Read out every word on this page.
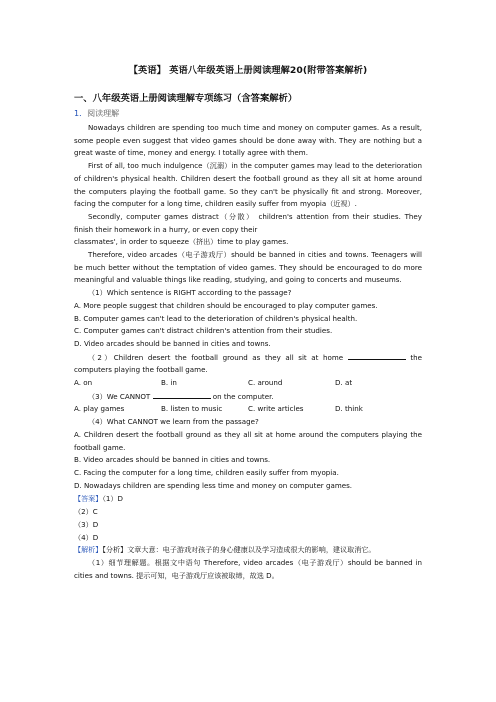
【英语】 英语八年级英语上册阅读理解20(附带答案解析)
一、八年级英语上册阅读理解专项练习（含答案解析）
1．阅读理解

Nowadays children are spending too much time and money on computer games. As a result, some people even suggest that video games should be done away with. They are nothing but a great waste of time, money and energy. I totally agree with them.

First of all, too much indulgence（沉溺）in the computer games may lead to the deterioration of children's physical health. Children desert the football ground as they all sit at home around the computers playing the football game. So they can't be physically fit and strong. Moreover, facing the computer for a long time, children easily suffer from myopia（近视）.

Secondly, computer games distract（分散） children's attention from their studies. They finish their homework in a hurry, or even copy their

classmates', in order to squeeze（挤出）time to play games.

Therefore, video arcades（电子游戏厅）should be banned in cities and towns. Teenagers will be much better without the temptation of video games. They should be encouraged to do more meaningful and valuable things like reading, studying, and going to concerts and museums.

（1）Which sentence is RIGHT according to the passage?

A. More people suggest that children should be encouraged to play computer games.
B. Computer games can't lead to the deterioration of children's physical health.
C. Computer games can't distract children's attention from their studies.
D. Video arcades should be banned in cities and towns.

（2）Children desert the football ground as they all sit at home	the computers playing the football game.

A. on	B. in	C. around	D. at

（3）We CANNOT	on the computer.

A. play games	B. listen to music	C. write articles	D. think

（4）What CANNOT we learn from the passage?

A. Children desert the football ground as they all sit at home around the computers playing the football game.

B. Video arcades should be banned in cities and towns.
C. Facing the computer for a long time, children easily suffer from myopia.
D. Nowadays children are spending less time and money on computer games.
【答案】（1）D
（2）C
（3）D
（4）D

【解析】【分析】文章大意：电子游戏对孩子的身心健康以及学习造成很大的影响，建议取消它。

（1）细节理解题。根据文中语句 Therefore, video arcades（电子游戏厅）should be banned in cities and towns. 提示可知，电子游戏厅应该被取缔，故选 D。
